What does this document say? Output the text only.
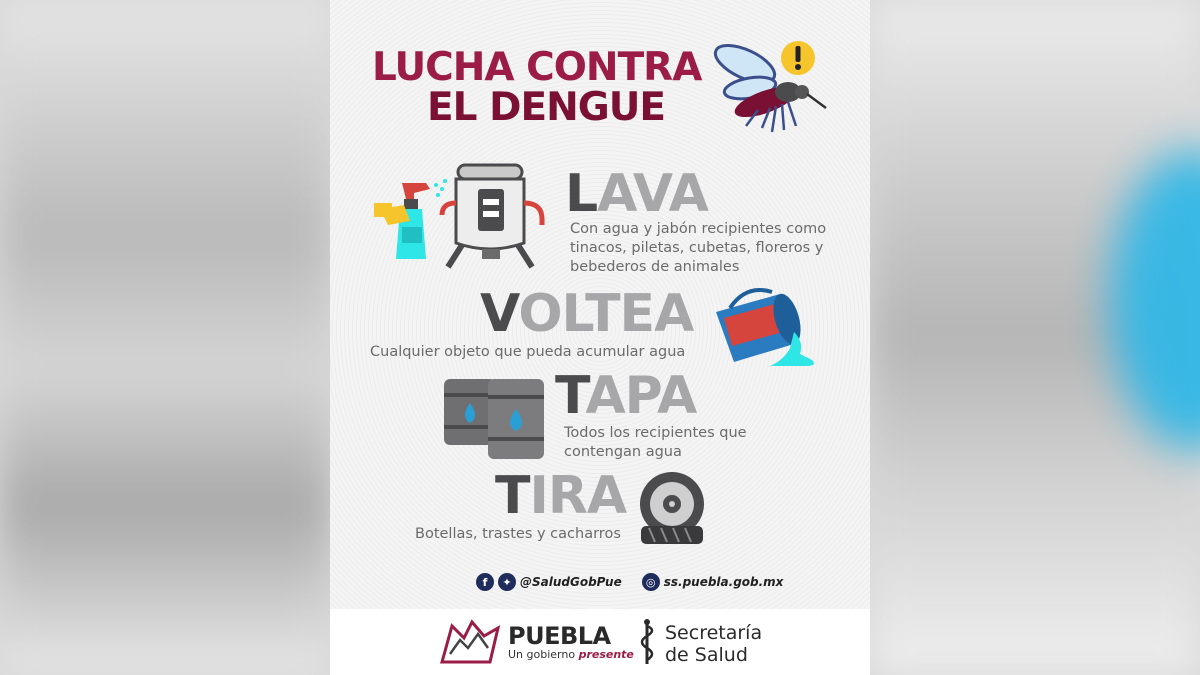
LUCHA CONTRA
EL DENGUE
LAVA
Con agua y jabón recipientes como tinacos, piletas, cubetas, floreros y bebederos de animales
VOLTEA
Cualquier objeto que pueda acumular agua
TAPA
Todos los recipientes que contengan agua
TIRA
Botellas, trastes y cacharros
f	✦ @SaludGobPue	◎ ss.puebla.gob.mx
PUEBLA
Un gobierno presente
Secretaría
de Salud
